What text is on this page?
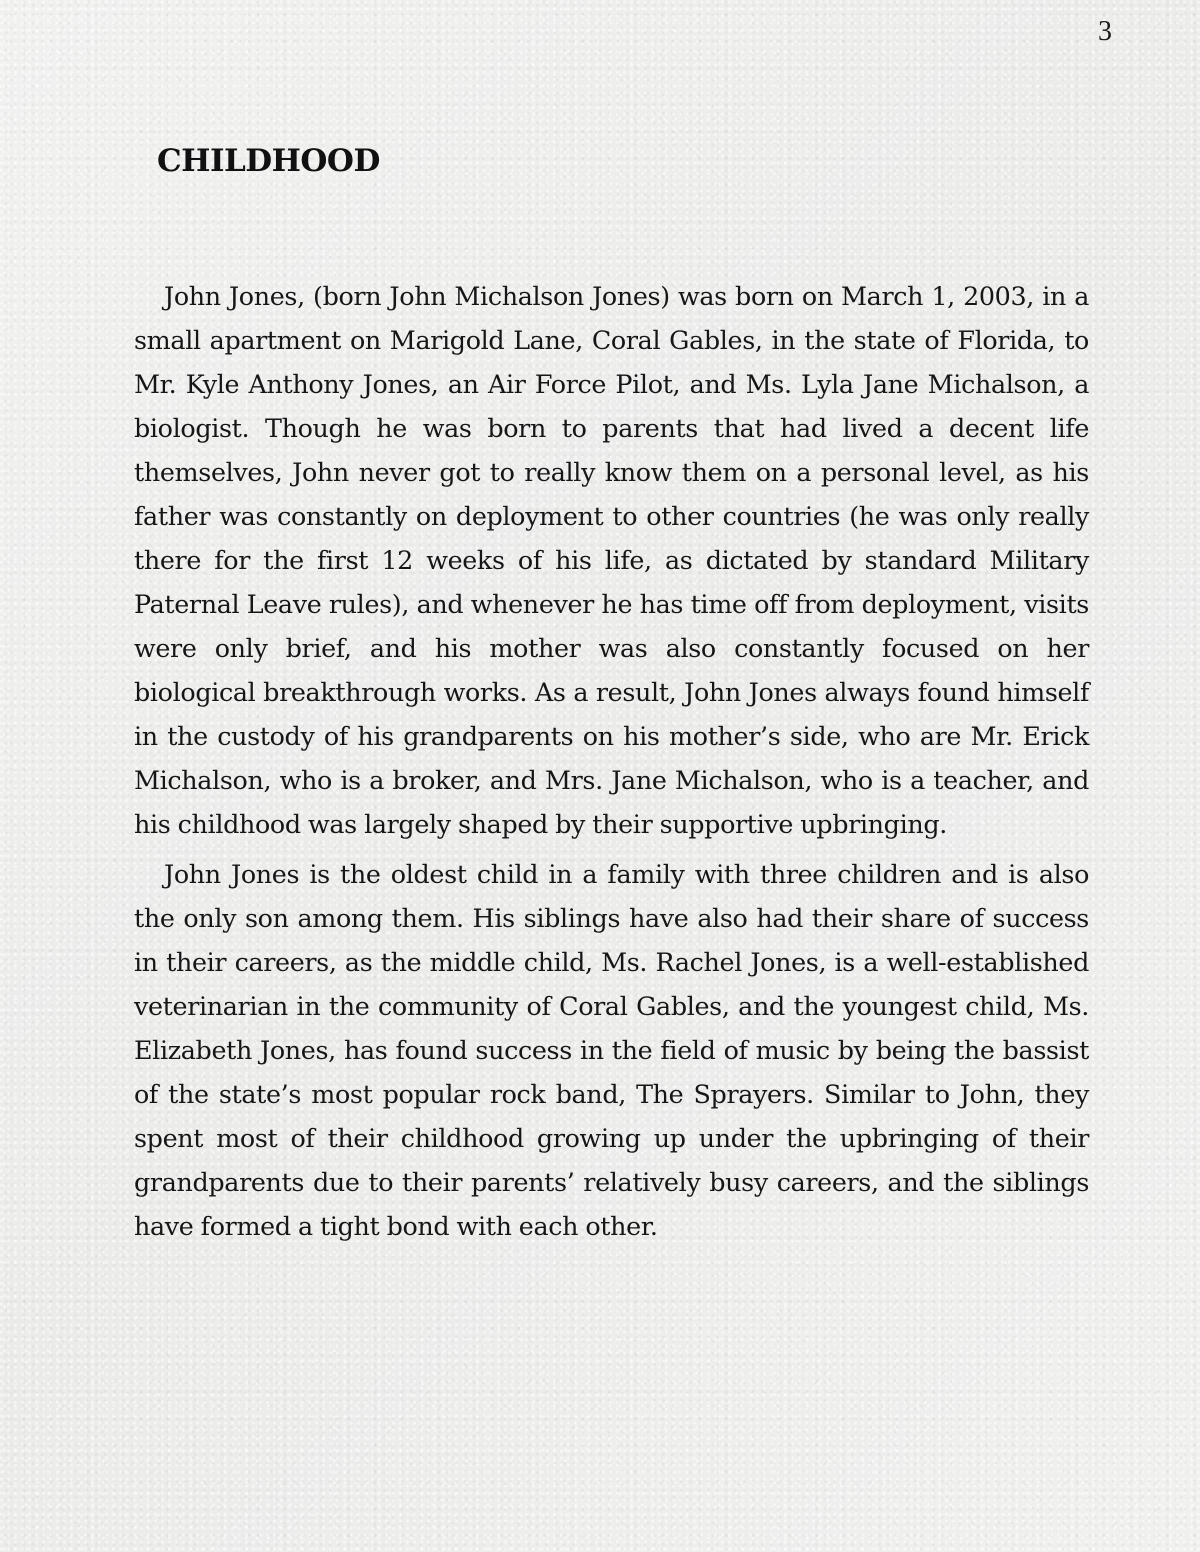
3
CHILDHOOD

John Jones, (born John Michalson Jones) was born on March 1, 2003, in a small apartment on Marigold Lane, Coral Gables, in the state of Florida, to Mr. Kyle Anthony Jones, an Air Force Pilot, and Ms. Lyla Jane Michalson, a biologist. Though he was born to parents that had lived a decent life themselves, John never got to really know them on a personal level, as his father was constantly on deployment to other countries (he was only really there for the first 12 weeks of his life, as dictated by standard Military Paternal Leave rules), and whenever he has time off from deployment, visits were only brief, and his mother was also constantly focused on her biological breakthrough works. As a result, John Jones always found himself in the custody of his grandparents on his mother’s side, who are Mr. Erick Michalson, who is a broker, and Mrs. Jane Michalson, who is a teacher, and his childhood was largely shaped by their supportive upbringing.

John Jones is the oldest child in a family with three children and is also the only son among them. His siblings have also had their share of success in their careers, as the middle child, Ms. Rachel Jones, is a well-established veterinarian in the community of Coral Gables, and the youngest child, Ms. Elizabeth Jones, has found success in the field of music by being the bassist of the state’s most popular rock band, The Sprayers. Similar to John, they spent most of their childhood growing up under the upbringing of their grandparents due to their parents’ relatively busy careers, and the siblings have formed a tight bond with each other.
